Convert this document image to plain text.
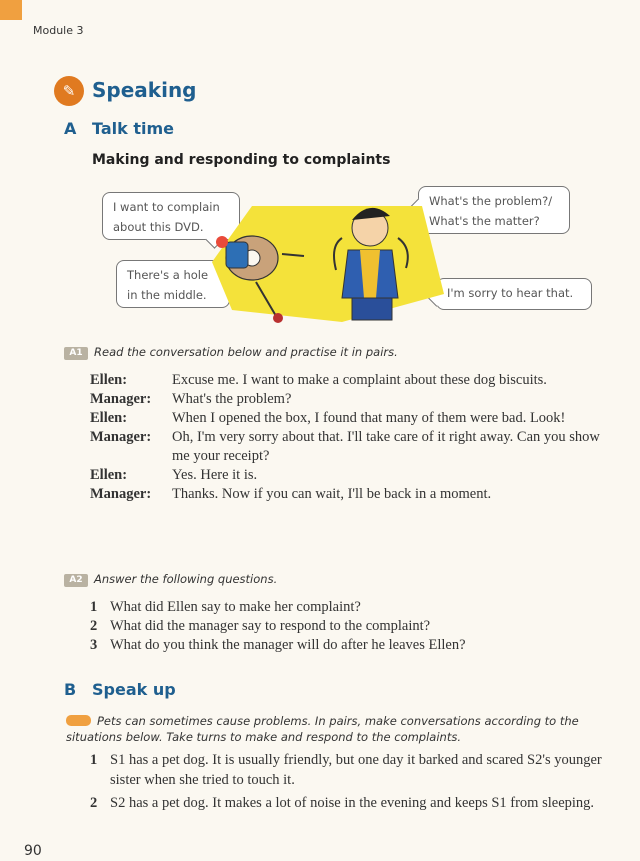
Module 3
✎ Speaking
A Talk time
Making and responding to complaints
I want to complain
about this DVD.
There's a hole
in the middle.
What's the problem?/
What's the matter?
I'm sorry to hear that.
A1 Read the conversation below and practise it in pairs.
Ellen:	Excuse me. I want to make a complaint about these dog biscuits.
Manager:	What's the problem?
Ellen:	When I opened the box, I found that many of them were bad. Look!
Manager:	Oh, I'm very sorry about that. I'll take care of it right away. Can you show me your receipt?
Ellen:	Yes. Here it is.
Manager:	Thanks. Now if you can wait, I'll be back in a moment.
A2 Answer the following questions.
1 What did Ellen say to make her complaint?
2 What did the manager say to respond to the complaint?
3 What do you think the manager will do after he leaves Ellen?
B Speak up
Pets can sometimes cause problems. In pairs, make conversations according to the situations below. Take turns to make and respond to the complaints.
1 S1 has a pet dog. It is usually friendly, but one day it barked and scared S2's younger sister when she tried to touch it.
2 S2 has a pet dog. It makes a lot of noise in the evening and keeps S1 from sleeping.
90
